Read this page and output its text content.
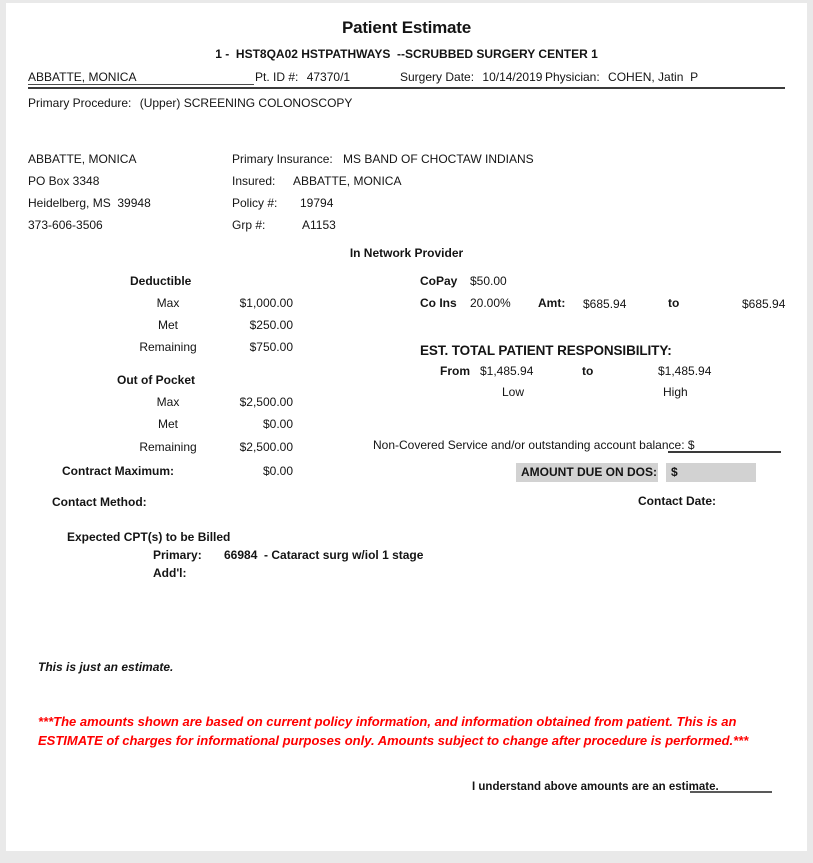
Patient Estimate
1 -  HST8QA02 HSTPATHWAYS  --SCRUBBED SURGERY CENTER 1
ABBATTE, MONICA	Pt. ID #: 47370/1	Surgery Date: 10/14/2019 Physician: COHEN, Jatin  P
Primary Procedure: (Upper) SCREENING COLONOSCOPY
ABBATTE, MONICA
PO Box 3348
Heidelberg, MS  39948
373-606-3506
Primary Insurance: MS BAND OF CHOCTAW INDIANS
Insured: ABBATTE, MONICA
Policy #: 19794
Grp #:	A1153
In Network Provider
Deductible
Max	$1,000.00
Met	$250.00
Remaining	$750.00
CoPay $50.00
Co Ins 20.00% Amt: $685.94	to	$685.94
EST. TOTAL PATIENT RESPONSIBILITY:
From $1,485.94	to	$1,485.94
Low	High
Out of Pocket
Max	$2,500.00
Met	$0.00
Remaining	$2,500.00
Contract Maximum:	$0.00
Non-Covered Service and/or outstanding account balance: $
AMOUNT DUE ON DOS:	$
Contact Method:	Contact Date:
Expected CPT(s) to be Billed
Primary: 66984  - Cataract surg w/iol 1 stage
Add'l:
This is just an estimate.
***The amounts shown are based on current policy information, and information obtained from patient. This is an ESTIMATE of charges for informational purposes only. Amounts subject to change after procedure is performed.***
I understand above amounts are an estimate.
